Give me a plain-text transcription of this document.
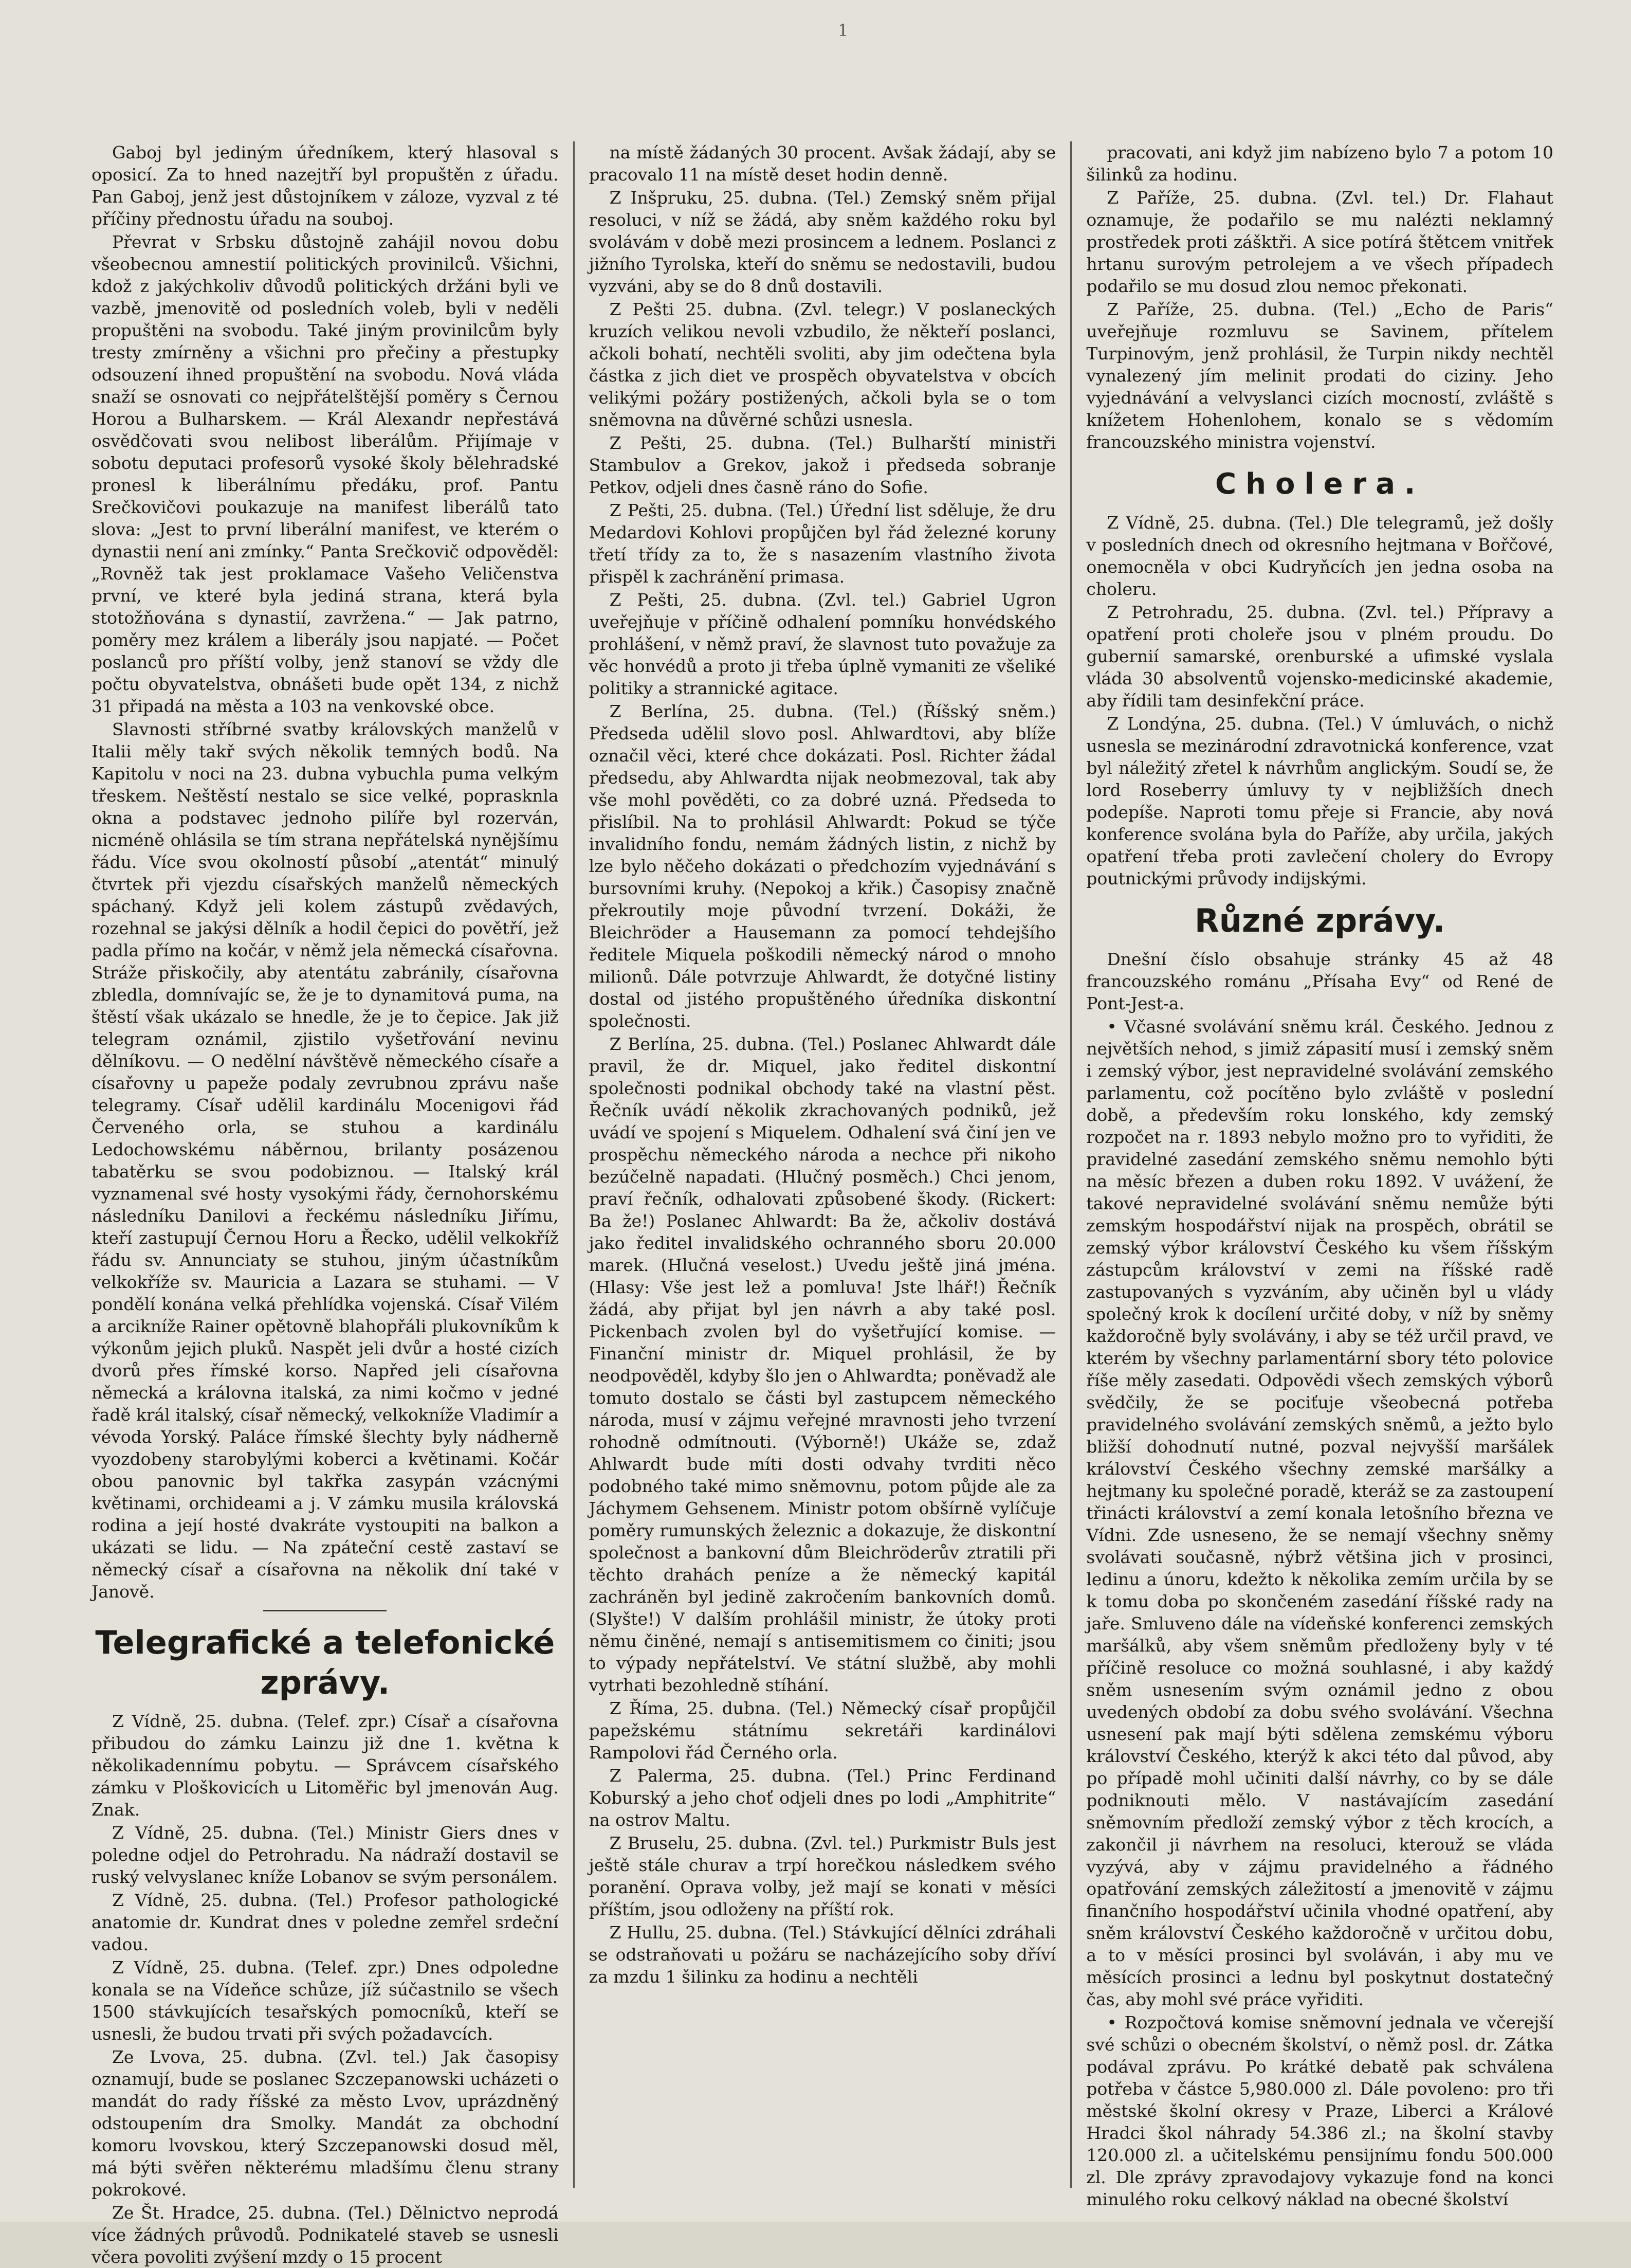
1

Gaboj byl jediným úředníkem, který hlasoval s oposicí. Za to hned nazejtří byl propuštěn z úřadu. Pan Gaboj, jenž jest důstojníkem v záloze, vyzval z té příčiny přednostu úřadu na souboj.

Převrat v Srbsku důstojně zahájil novou dobu všeobecnou amnestií politických provinilců. Všichni, kdož z jakýchkoliv důvodů politických držáni byli ve vazbě, jmenovitě od posledních voleb, byli v neděli propuštěni na svobodu. Také jiným provinilcům byly tresty zmírněny a všichni pro přečiny a přestupky odsouzení ihned propuštění na svobodu. Nová vláda snaží se osnovati co nejpřátelštější poměry s Černou Horou a Bulharskem. — Král Alexandr nepřestává osvědčovati svou nelibost liberálům. Přijímaje v sobotu deputaci profesorů vysoké školy bělehradské pronesl k liberálnímu předáku, prof. Pantu Srečkovičovi poukazuje na manifest liberálů tato slova: „Jest to první liberální manifest, ve kterém o dynastii není ani zmínky.“ Panta Srečkovič odpověděl: „Rovněž tak jest proklamace Vašeho Veličenstva první, ve které byla jediná strana, která byla stotožňována s dynastií, zavržena.“ — Jak patrno, poměry mez králem a liberály jsou napjaté. — Počet poslanců pro příští volby, jenž stanoví se vždy dle počtu obyvatelstva, obnášeti bude opět 134, z nichž 31 připadá na města a 103 na venkovské obce.

Slavnosti stříbrné svatby královských manželů v Italii měly takř svých několik temných bodů. Na Kapitolu v noci na 23. dubna vybuchla puma velkým třeskem. Neštěstí nestalo se sice velké, poprasknla okna a podstavec jednoho pilíře byl rozerván, nicméně ohlásila se tím strana nepřátelská nynějšímu řádu. Více svou okolností působí „atentát“ minulý čtvrtek při vjezdu císařských manželů německých spáchaný. Když jeli kolem zástupů zvědavých, rozehnal se jakýsi dělník a hodil čepici do povětří, jež padla přímo na kočár, v němž jela německá císařovna. Stráže přiskočily, aby atentátu zabránily, císařovna zbledla, domnívajíc se, že je to dynamitová puma, na štěstí však ukázalo se hnedle, že je to čepice. Jak již telegram oznámil, zjistilo vyšetřování nevinu dělníkovu. — O nedělní návštěvě německého císaře a císařovny u papeže podaly zevrubnou zprávu naše telegramy. Císař udělil kardinálu Mocenigovi řád Červeného orla, se stuhou a kardinálu Ledochowskému náběrnou, brilanty posázenou tabatěrku se svou podobiznou. — Italský král vyznamenal své hosty vysokými řády, černohorskému následníku Danilovi a řeckému následníku Jiřímu, kteří zastupují Černou Horu a Řecko, udělil velkokříž řádu sv. Annunciaty se stuhou, jiným účastníkům velkokříže sv. Mauricia a Lazara se stuhami. — V pondělí konána velká přehlídka vojenská. Císař Vilém a arcikníže Rainer opětovně blahopřáli plukovníkům k výkonům jejich pluků. Naspět jeli dvůr a hosté cizích dvorů přes římské korso. Napřed jeli císařovna německá a královna italská, za nimi kočmo v jedné řadě král italský, císař německý, velkokníže Vladimír a vévoda Yorský. Paláce římské šlechty byly nádherně vyozdobeny starobylými koberci a květinami. Kočár obou panovnic byl takřka zasypán vzácnými květinami, orchideami a j. V zámku musila královská rodina a její hosté dvakráte vystoupiti na balkon a ukázati se lidu. — Na zpáteční cestě zastaví se německý císař a císařovna na několik dní také v Janově.

Telegrafické a telefonické zprávy.

Z Vídně, 25. dubna. (Telef. zpr.) Císař a císařovna přibudou do zámku Lainzu již dne 1. května k několikadennímu pobytu. — Správcem císařského zámku v Ploškovicích u Litoměřic byl jmenován Aug. Znak.

Z Vídně, 25. dubna. (Tel.) Ministr Giers dnes v poledne odjel do Petrohradu. Na nádraží dostavil se ruský velvyslanec kníže Lobanov se svým personálem.

Z Vídně, 25. dubna. (Tel.) Profesor pathologické anatomie dr. Kundrat dnes v poledne zemřel srdeční vadou.

Z Vídně, 25. dubna. (Telef. zpr.) Dnes odpoledne konala se na Vídeňce schůze, jíž súčastnilo se všech 1500 stávkujících tesařských pomocníků, kteří se usnesli, že budou trvati při svých požadavcích.

Ze Lvova, 25. dubna. (Zvl. tel.) Jak časopisy oznamují, bude se poslanec Szczepanowski ucházeti o mandát do rady říšské za město Lvov, uprázdněný odstoupením dra Smolky. Mandát za obchodní komoru lvovskou, který Szczepanowski dosud měl, má býti svěřen některému mladšímu členu strany pokrokové.

Ze Št. Hradce, 25. dubna. (Tel.) Dělnictvo neprodá více žádných průvodů. Podnikatelé staveb se usnesli včera povoliti zvýšení mzdy o 15 procent

na místě žádaných 30 procent. Avšak žádají, aby se pracovalo 11 na místě deset hodin denně.

Z Inšpruku, 25. dubna. (Tel.) Zemský sněm přijal resoluci, v níž se žádá, aby sněm každého roku byl svolávám v době mezi prosincem a lednem. Poslanci z jižního Tyrolska, kteří do sněmu se nedostavili, budou vyzváni, aby se do 8 dnů dostavili.

Z Pešti 25. dubna. (Zvl. telegr.) V poslaneckých kruzích velikou nevoli vzbudilo, že někteří poslanci, ačkoli bohatí, nechtěli svoliti, aby jim odečtena byla částka z jich diet ve prospěch obyvatelstva v obcích velikými požáry postižených, ačkoli byla se o tom sněmovna na důvěrné schůzi usnesla.

Z Pešti, 25. dubna. (Tel.) Bulharští ministři Stambulov a Grekov, jakož i předseda sobranje Petkov, odjeli dnes časně ráno do Sofie.

Z Pešti, 25. dubna. (Tel.) Úřední list sděluje, že dru Medardovi Kohlovi propůjčen byl řád železné koruny třetí třídy za to, že s nasazením vlastního života přispěl k zachránění primasa.

Z Pešti, 25. dubna. (Zvl. tel.) Gabriel Ugron uveřejňuje v příčině odhalení pomníku honvédského prohlášení, v němž praví, že slavnost tuto považuje za věc honvédů a proto ji třeba úplně vymaniti ze všeliké politiky a strannické agitace.

Z Berlína, 25. dubna. (Tel.) (Říšský sněm.) Předseda udělil slovo posl. Ahlwardtovi, aby blíže označil věci, které chce dokázati. Posl. Richter žádal předsedu, aby Ahlwardta nijak neobmezoval, tak aby vše mohl pověděti, co za dobré uzná. Předseda to přislíbil. Na to prohlásil Ahlwardt: Pokud se týče invalidního fondu, nemám žádných listin, z nichž by lze bylo něčeho dokázati o předchozím vyjednávání s bursovními kruhy. (Nepokoj a křik.) Časopisy značně překroutily moje původní tvrzení. Dokáži, že Bleichröder a Hausemann za pomocí tehdejšího ředitele Miquela poškodili německý národ o mnoho milionů. Dále potvrzuje Ahlwardt, že dotyčné listiny dostal od jistého propuštěného úředníka diskontní společnosti.

Z Berlína, 25. dubna. (Tel.) Poslanec Ahlwardt dále pravil, že dr. Miquel, jako ředitel diskontní společnosti podnikal obchody také na vlastní pěst. Řečník uvádí několik zkrachovaných podniků, jež uvádí ve spojení s Miquelem. Odhalení svá činí jen ve prospěchu německého národa a nechce při nikoho bezúčelně napadati. (Hlučný posměch.) Chci jenom, praví řečník, odhalovati způsobené škody. (Rickert: Ba že!) Poslanec Ahlwardt: Ba že, ačkoliv dostává jako ředitel invalidského ochranného sboru 20.000 marek. (Hlučná veselost.) Uvedu ještě jiná jména. (Hlasy: Vše jest lež a pomluva! Jste lhář!) Řečník žádá, aby přijat byl jen návrh a aby také posl. Pickenbach zvolen byl do vyšetřující komise. — Finanční ministr dr. Miquel prohlásil, že by neodpověděl, kdyby šlo jen o Ahlwardta; poněvadž ale tomuto dostalo se části byl zastupcem německého národa, musí v zájmu veřejné mravnosti jeho tvrzení rohodně odmítnouti. (Výborně!) Ukáže se, zdaž Ahlwardt bude míti dosti odvahy tvrditi něco podobného také mimo sněmovnu, potom půjde ale za Jáchymem Gehsenem. Ministr potom obšírně vylíčuje poměry rumunských železnic a dokazuje, že diskontní společnost a bankovní dům Bleichröderův ztratili při těchto drahách peníze a že německý kapitál zachráněn byl jedině zakročením bankovních domů. (Slyšte!) V dalším prohlášil ministr, že útoky proti němu činěné, nemají s antisemitismem co činiti; jsou to výpady nepřátelství. Ve státní službě, aby mohli vytrhati bezohledně stíhání.

Z Říma, 25. dubna. (Tel.) Německý císař propůjčil papežskému státnímu sekretáři kardinálovi Rampolovi řád Černého orla.

Z Palerma, 25. dubna. (Tel.) Princ Ferdinand Koburský a jeho choť odjeli dnes po lodi „Amphitrite“ na ostrov Maltu.

Z Bruselu, 25. dubna. (Zvl. tel.) Purkmistr Buls jest ještě stále churav a trpí horečkou následkem svého poranění. Oprava volby, jež mají se konati v měsíci příštím, jsou odloženy na příští rok.

Z Hullu, 25. dubna. (Tel.) Stávkující dělníci zdráhali se odstraňovati u požáru se nacházejícího soby dříví za mzdu 1 šilinku za hodinu a nechtěli

pracovati, ani když jim nabízeno bylo 7 a potom 10 šilinků za hodinu.

Z Paříže, 25. dubna. (Zvl. tel.) Dr. Flahaut oznamuje, že podařilo se mu nalézti neklamný prostředek proti zášktři. A sice potírá štětcem vnitřek hrtanu surovým petrolejem a ve všech případech podařilo se mu dosud zlou nemoc překonati.

Z Paříže, 25. dubna. (Tel.) „Echo de Paris“ uveřejňuje rozmluvu se Savinem, přítelem Turpinovým, jenž prohlásil, že Turpin nikdy nechtěl vynalezený jím melinit prodati do ciziny. Jeho vyjednávání a velvyslanci cizích mocností, zvláště s knížetem Hohenlohem, konalo se s vědomím francouzského ministra vojenství.

Cholera.

Z Vídně, 25. dubna. (Tel.) Dle telegramů, jež došly v posledních dnech od okresního hejtmana v Bořčové, onemocněla v obci Kudryňcích jen jedna osoba na choleru.

Z Petrohradu, 25. dubna. (Zvl. tel.) Přípravy a opatření proti choleře jsou v plném proudu. Do gubernií samarské, orenburské a ufimské vyslala vláda 30 absolventů vojensko-medicinské akademie, aby řídili tam desinfekční práce.

Z Londýna, 25. dubna. (Tel.) V úmluvách, o nichž usnesla se mezinárodní zdravotnická konference, vzat byl náležitý zřetel k návrhům anglickým. Soudí se, že lord Roseberry úmluvy ty v nejbližších dnech podepíše. Naproti tomu přeje si Francie, aby nová konference svolána byla do Paříže, aby určila, jakých opatření třeba proti zavlečení cholery do Evropy poutnickými průvody indijskými.

Různé zprávy.

Dnešní číslo obsahuje stránky 45 až 48 francouzského románu „Přísaha Evy“ od René de Pont-Jest-a.

• Včasné svolávání sněmu král. Českého. Jednou z největších nehod, s jimiž zápasití musí i zemský sněm i zemský výbor, jest nepravidelné svolávání zemského parlamentu, což pocítěno bylo zvláště v poslední době, a především roku lonského, kdy zemský rozpočet na r. 1893 nebylo možno pro to vyřiditi, že pravidelné zasedání zemského sněmu nemohlo býti na měsíc březen a duben roku 1892. V uvážení, že takové nepravidelné svolávání sněmu nemůže býti zemským hospodářství nijak na prospěch, obrátil se zemský výbor království Českého ku všem říšským zástupcům království v zemi na říšské radě zastupovaných s vyzváním, aby učiněn byl u vlády společný krok k docílení určité doby, v níž by sněmy každoročně byly svolávány, i aby se též určil pravd, ve kterém by všechny parlamentární sbory této polovice říše měly zasedati. Odpovědi všech zemských výborů svědčily, že se pociťuje všeobecná potřeba pravidelného svolávání zemských sněmů, a ježto bylo bližší dohodnutí nutné, pozval nejvyšší maršálek království Českého všechny zemské maršálky a hejtmany ku společné poradě, kteráž se za zastoupení třinácti království a zemí konala letošního března ve Vídni. Zde usneseno, že se nemají všechny sněmy svolávati současně, nýbrž většina jich v prosinci, ledinu a únoru, kdežto k několika zemím určila by se k tomu doba po skončeném zasedání říšské rady na jaře. Smluveno dále na vídeňské konferenci zemských maršálků, aby všem sněmům předloženy byly v té příčině resoluce co možná souhlasné, i aby každý sněm usnesením svým oznámil jedno z obou uvedených období za dobu svého svolávání. Všechna usnesení pak mají býti sdělena zemskému výboru království Českého, kterýž k akci této dal původ, aby po případě mohl učiniti další návrhy, co by se dále podniknouti mělo. V nastávajícím zasedání sněmovním předloží zemský výbor z těch krocích, a zakončil ji návrhem na resoluci, kterouž se vláda vyzývá, aby v zájmu pravidelného a řádného opatřování zemských záležitostí a jmenovitě v zájmu finančního hospodářství učinila vhodné opatření, aby sněm království Českého každoročně v určitou dobu, a to v měsíci prosinci byl svoláván, i aby mu ve měsících prosinci a lednu byl poskytnut dostatečný čas, aby mohl své práce vyřiditi.

• Rozpočtová komise sněmovní jednala ve včerejší své schůzi o obecném školství, o němž posl. dr. Zátka podával zprávu. Po krátké debatě pak schválena potřeba v částce 5,980.000 zl. Dále povoleno: pro tři městské školní okresy v Praze, Liberci a Králové Hradci škol náhrady 54.386 zl.; na školní stavby 120.000 zl. a učitelskému pensijnímu fondu 500.000 zl. Dle zprávy zpravodajovy vykazuje fond na konci minulého roku celkový náklad na obecné školství
